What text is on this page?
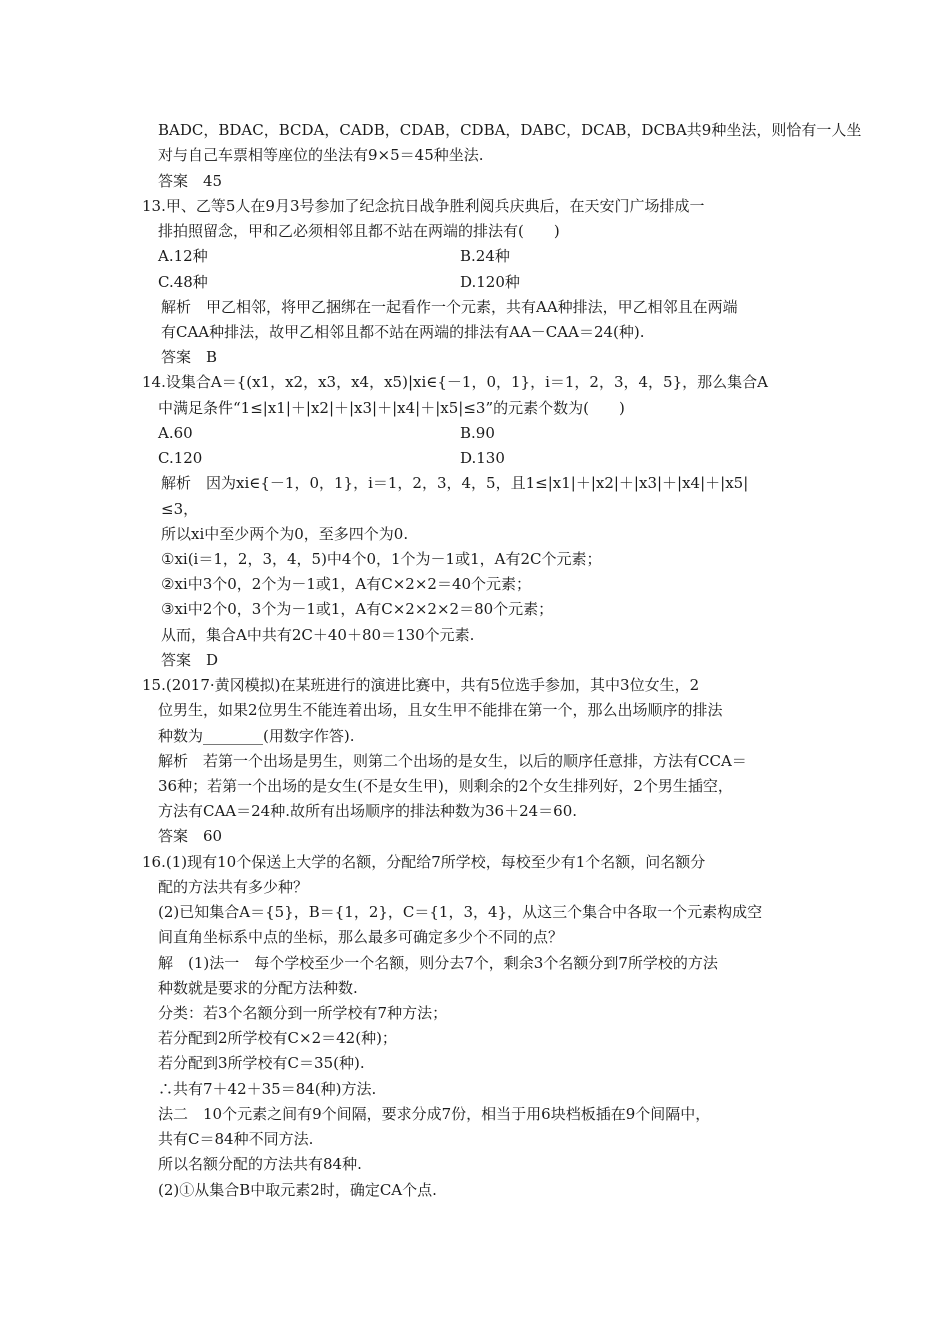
BADC，BDAC，BCDA，CADB，CDAB，CDBA，DABC，DCAB，DCBA共9种坐法，则恰有一人坐
对与自己车票相等座位的坐法有9×5＝45种坐法.
答案　45
13.甲、乙等5人在9月3号参加了纪念抗日战争胜利阅兵庆典后，在天安门广场排成一
排拍照留念，甲和乙必须相邻且都不站在两端的排法有(　　)
A.12种	B.24种
C.48种	D.120种
解析　甲乙相邻，将甲乙捆绑在一起看作一个元素，共有AA种排法，甲乙相邻且在两端
有CAA种排法，故甲乙相邻且都不站在两端的排法有AA－CAA＝24(种).
答案　B
14.设集合A＝{(x1，x2，x3，x4，x5)|xi∈{－1，0，1}，i＝1，2，3，4，5}，那么集合A
中满足条件“1≤|x1|＋|x2|＋|x3|＋|x4|＋|x5|≤3”的元素个数为(　　)
A.60	B.90
C.120	D.130
解析　因为xi∈{－1，0，1}，i＝1，2，3，4，5，且1≤|x1|＋|x2|＋|x3|＋|x4|＋|x5|
≤3，
所以xi中至少两个为0，至多四个为0.
①xi(i＝1，2，3，4，5)中4个0，1个为－1或1，A有2C个元素；
②xi中3个0，2个为－1或1，A有C×2×2＝40个元素；
③xi中2个0，3个为－1或1，A有C×2×2×2＝80个元素；
从而，集合A中共有2C＋40＋80＝130个元素.
答案　D
15.(2017·黄冈模拟)在某班进行的演进比赛中，共有5位选手参加，其中3位女生，2
位男生，如果2位男生不能连着出场，且女生甲不能排在第一个，那么出场顺序的排法
种数为________(用数字作答).
解析　若第一个出场是男生，则第二个出场的是女生，以后的顺序任意排，方法有CCA＝
36种；若第一个出场的是女生(不是女生甲)，则剩余的2个女生排列好，2个男生插空，
方法有CAA＝24种.故所有出场顺序的排法种数为36＋24＝60.
答案　60
16.(1)现有10个保送上大学的名额，分配给7所学校，每校至少有1个名额，问名额分
配的方法共有多少种？
(2)已知集合A＝{5}，B＝{1，2}，C＝{1，3，4}，从这三个集合中各取一个元素构成空
间直角坐标系中点的坐标，那么最多可确定多少个不同的点？
解　(1)法一　每个学校至少一个名额，则分去7个，剩余3个名额分到7所学校的方法
种数就是要求的分配方法种数.
分类：若3个名额分到一所学校有7种方法；
若分配到2所学校有C×2＝42(种)；
若分配到3所学校有C＝35(种).
∴共有7＋42＋35＝84(种)方法.
法二　10个元素之间有9个间隔，要求分成7份，相当于用6块档板插在9个间隔中，
共有C＝84种不同方法.
所以名额分配的方法共有84种.
(2)①从集合B中取元素2时，确定CA个点.
